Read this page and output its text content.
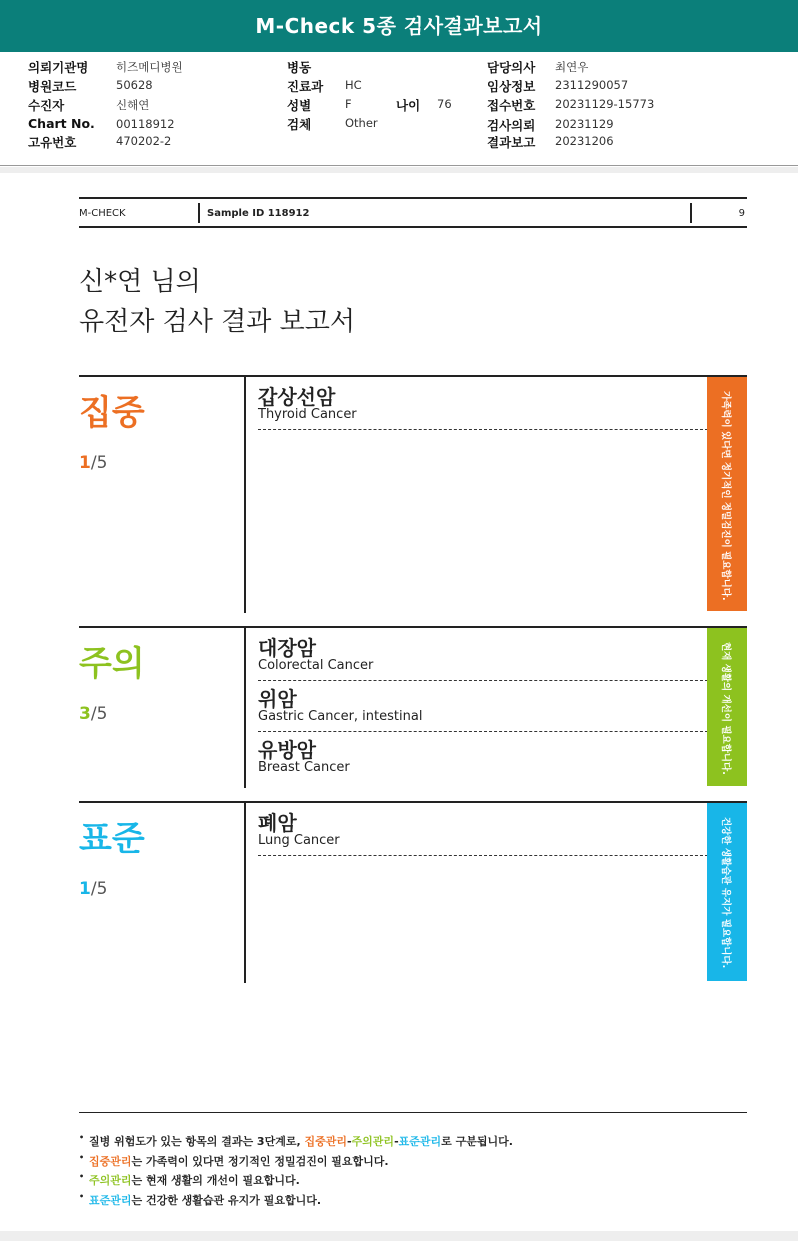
M-Check 5종 검사결과보고서
의뢰기관명 히즈메디병원
병원코드	50628
수진자	신해연
Chart No. 00118912
고유번호	470202-2
병동
진료과 HC
성별	F	나이 76
검체	Other
담당의사 최연우
임상정보 2311290057
접수번호 20231129-15773
검사의뢰 20231129
결과보고 20231206
M-CHECK	Sample ID 118912	9
신*연 님의
유전자 검사 결과 보고서
집중
1/5
갑상선암
Thyroid Cancer	가족력이 있다면 정기적인 정밀검진이 필요합니다.
주의
3/5
대장암
Colorectal Cancer
위암
Gastric Cancer, intestinal
유방암
Breast Cancer	현재 생활의 개선이 필요합니다.
표준
1/5
폐암
Lung Cancer	건강한 생활습관 유지가 필요합니다.
• 질병 위험도가 있는 항목의 결과는 3단계로, 집중관리-주의관리-표준관리로 구분됩니다.
• 집중관리는 가족력이 있다면 정기적인 정밀검진이 필요합니다.
• 주의관리는 현재 생활의 개선이 필요합니다.
• 표준관리는 건강한 생활습관 유지가 필요합니다.
